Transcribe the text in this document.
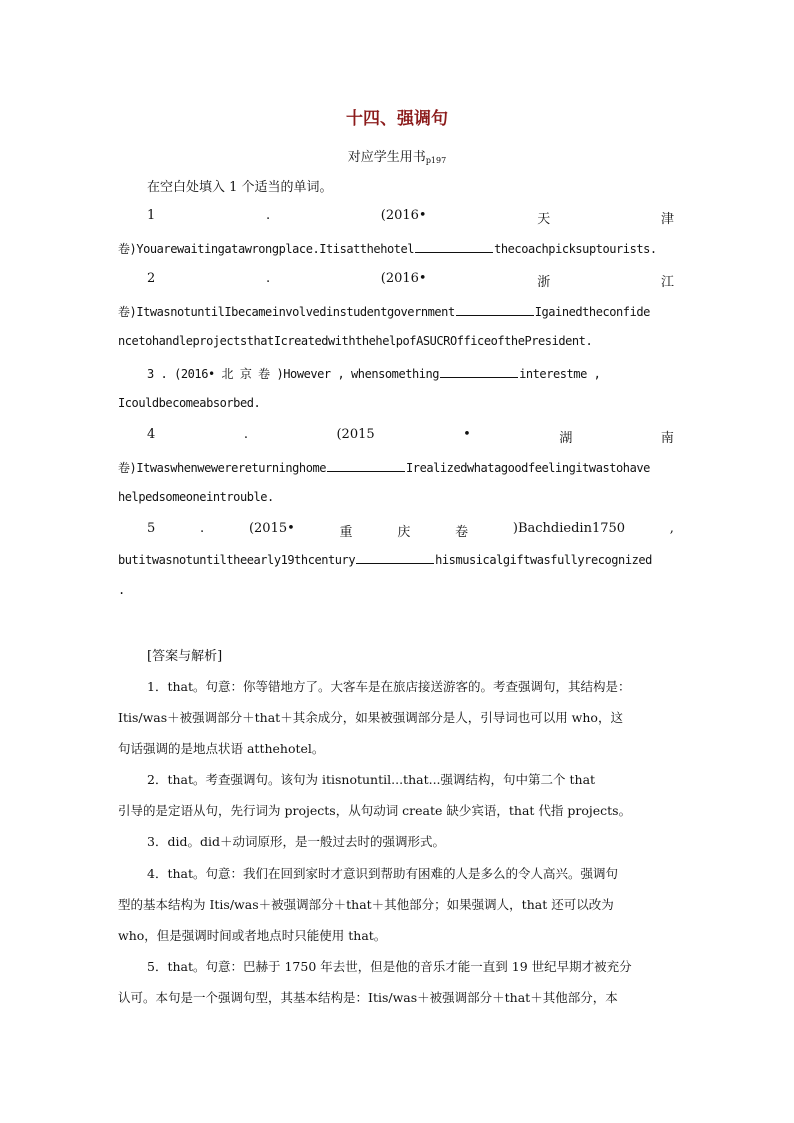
十四、强调句
对应学生用书$_{p197}$
在空白处填入 1 个适当的单词。
1	.	(2016•	天	津
卷)Youarewaitingatawrongplace.Itisatthehotel	thecoachpicksuptourists.
2	.	(2016•	浙	江
卷)ItwasnotuntilIbecameinvolvedinstudentgovernment	Igainedtheconfide
ncetohandleprojectsthatIcreatedwiththehelpofASUCROfficeofthePresident.
3 . (2016• 北 京 卷 )However , whensomething	interestme ,
Icouldbecomeabsorbed.
4	.	(2015	•	湖	南
卷)Itwaswhenwewerereturninghome	Irealizedwhatagoodfeelingitwastohave
helpedsomeoneintrouble.
5	.	(2015•	重	庆	卷	)Bachdiedin1750	,
butitwasnotuntiltheearly19thcentury	hismusicalgiftwasfullyrecognized
.
[答案与解析]
1．that。句意：你等错地方了。大客车是在旅店接送游客的。考查强调句，其结构是：
Itis/was＋被强调部分＋that＋其余成分，如果被强调部分是人，引导词也可以用 who，这
句话强调的是地点状语 atthehotel。
2．that。考查强调句。该句为 itisnotuntil...that...强调结构，句中第二个 that
引导的是定语从句，先行词为 projects，从句动词 create 缺少宾语，that 代指 projects。
3．did。did＋动词原形，是一般过去时的强调形式。
4．that。句意：我们在回到家时才意识到帮助有困难的人是多么的令人高兴。强调句
型的基本结构为 Itis/was＋被强调部分＋that＋其他部分；如果强调人，that 还可以改为
who，但是强调时间或者地点时只能使用 that。
5．that。句意：巴赫于 1750 年去世，但是他的音乐才能一直到 19 世纪早期才被充分
认可。本句是一个强调句型，其基本结构是：Itis/was＋被强调部分＋that＋其他部分，本
